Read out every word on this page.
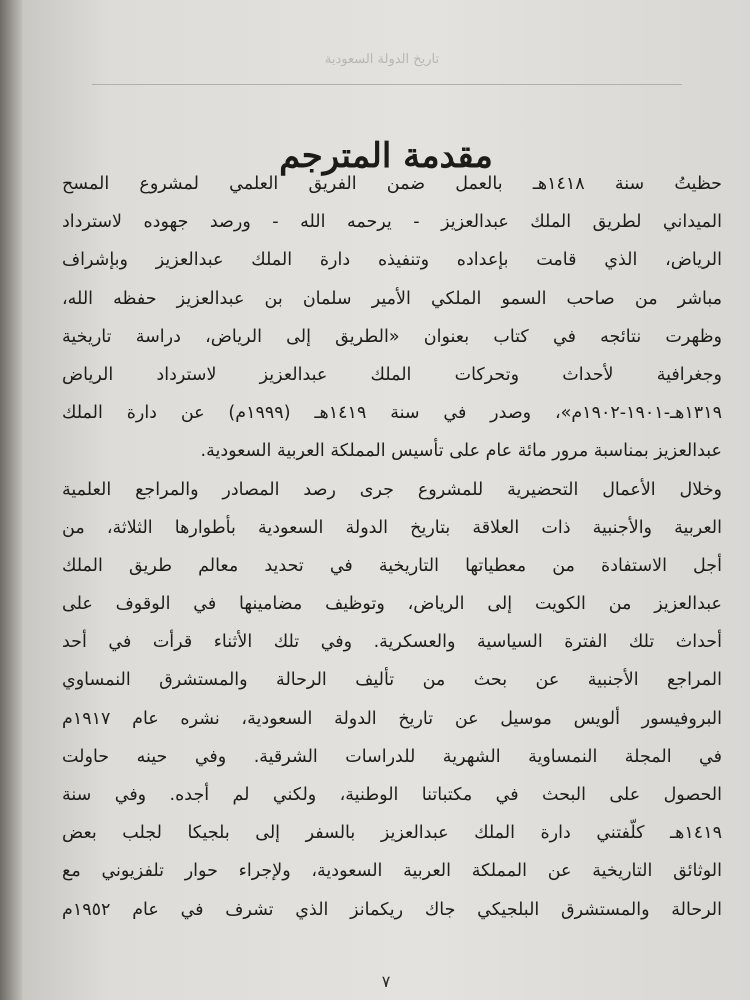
تاريخ الدولة السعودية
مقدمة المترجم
حظيتُ سنة ١٤١٨هـ بالعمل ضمن الفريق العلمي لمشروع المسح
الميداني لطريق الملك عبدالعزيز - يرحمه الله - ورصد جهوده لاسترداد
الرياض، الذي قامت بإعداده وتنفيذه دارة الملك عبدالعزيز وبإشراف
مباشر من صاحب السمو الملكي الأمير سلمان بن عبدالعزيز حفظه الله،
وظهرت نتائجه في كتاب بعنوان «الطريق إلى الرياض، دراسة تاريخية
وجغرافية لأحداث وتحركات الملك عبدالعزيز لاسترداد الرياض
١٣١٩هـ-١٩٠١-١٩٠٢م»، وصدر في سنة ١٤١٩هـ (١٩٩٩م) عن دارة الملك
عبدالعزيز بمناسبة مرور مائة عام على تأسيس المملكة العربية السعودية.
وخلال الأعمال التحضيرية للمشروع جرى رصد المصادر والمراجع العلمية
العربية والأجنبية ذات العلاقة بتاريخ الدولة السعودية بأطوارها الثلاثة، من
أجل الاستفادة من معطياتها التاريخية في تحديد معالم طريق الملك
عبدالعزيز من الكويت إلى الرياض، وتوظيف مضامينها في الوقوف على
أحداث تلك الفترة السياسية والعسكرية. وفي تلك الأثناء قرأت في أحد
المراجع الأجنبية عن بحث من تأليف الرحالة والمستشرق النمساوي
البروفيسور ألويس موسيل عن تاريخ الدولة السعودية، نشره عام ١٩١٧م
في المجلة النمساوية الشهرية للدراسات الشرقية. وفي حينه حاولت
الحصول على البحث في مكتباتنا الوطنية، ولكني لم أجده. وفي سنة
١٤١٩هـ كلّفتني دارة الملك عبدالعزيز بالسفر إلى بلجيكا لجلب بعض
الوثائق التاريخية عن المملكة العربية السعودية، ولإجراء حوار تلفزيوني مع
الرحالة والمستشرق البلجيكي جاك ريكمانز الذي تشرف في عام ١٩٥٢م
٧
